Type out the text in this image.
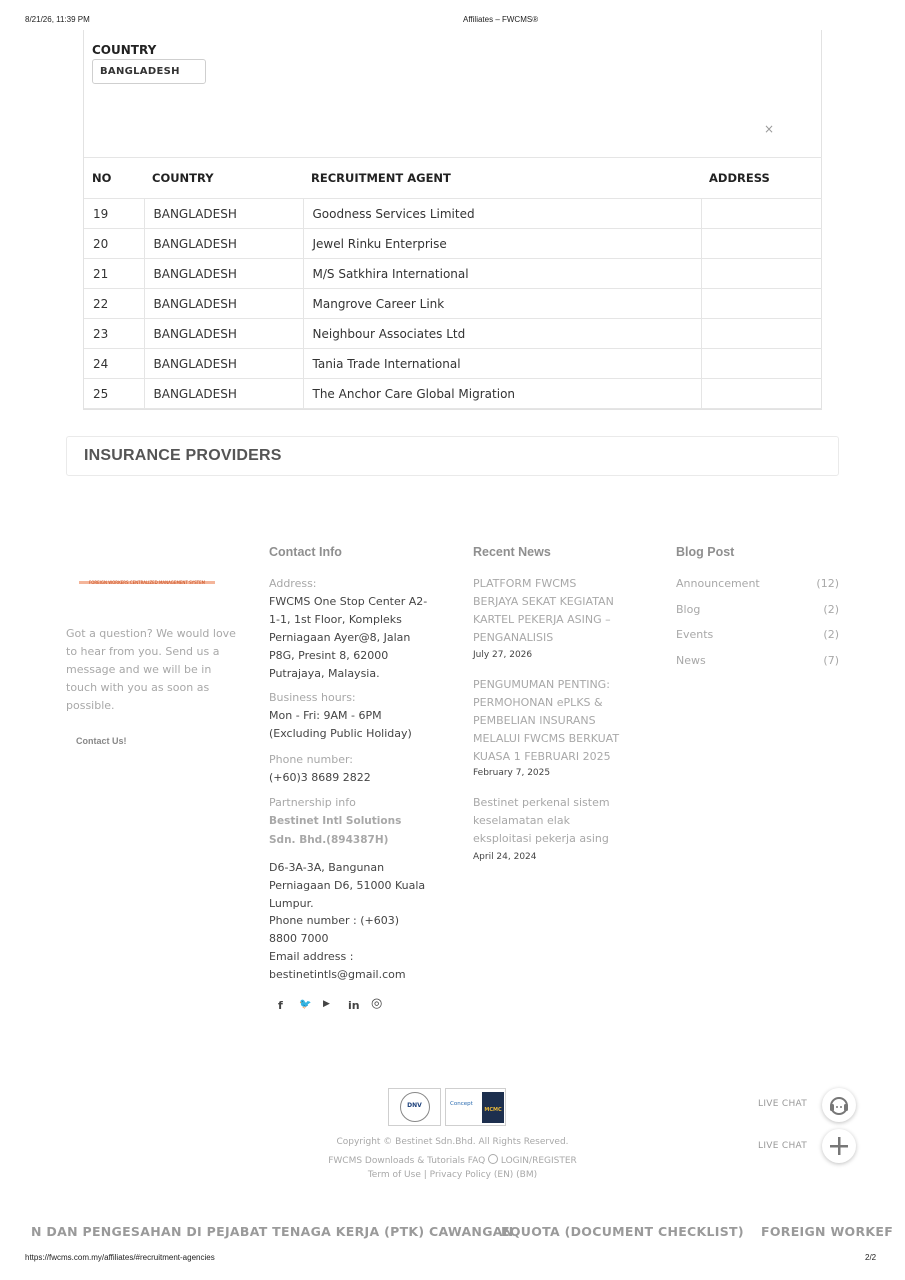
8/21/26, 11:39 PM	Affiliates – FWCMS®
COUNTRY
BANGLADESH
×
NO	COUNTRY	RECRUITMENT AGENT	ADDRESS
19	BANGLADESH	Goodness Services Limited	
20	BANGLADESH	Jewel Rinku Enterprise	
21	BANGLADESH	M/S Satkhira International	
22	BANGLADESH	Mangrove Career Link	
23	BANGLADESH	Neighbour Associates Ltd	
24	BANGLADESH	Tania Trade International	
25	BANGLADESH	The Anchor Care Global Migration	
INSURANCE PROVIDERS
FOREIGN WORKERS CENTRALIZED MANAGEMENT SYSTEM
Got a question? We would love to hear from you. Send us a message and we will be in touch with you as soon as possible.
Contact Us!
Contact Info
Address:
FWCMS One Stop Center A2-1-1, 1st Floor, Kompleks Perniagaan Ayer@8, Jalan P8G, Presint 8, 62000 Putrajaya, Malaysia.
Business hours:
Mon - Fri: 9AM - 6PM (Excluding Public Holiday)
Phone number:
(+60)3 8689 2822
Partnership info
Bestinet Intl Solutions Sdn. Bhd.(894387H)
D6-3A-3A, Bangunan Perniagaan D6, 51000 Kuala Lumpur.
Phone number : (+603) 8800 7000
Email address :
bestinetintls@gmail.com
f 🐦 ▶ in ◎
Recent News
PLATFORM FWCMS BERJAYA SEKAT KEGIATAN KARTEL PEKERJA ASING – PENGANALISIS
July 27, 2026
PENGUMUMAN PENTING: PERMOHONAN ePLKS & PEMBELIAN INSURANS MELALUI FWCMS BERKUAT KUASA 1 FEBRUARI 2025
February 7, 2025
Bestinet perkenal sistem keselamatan elak eksploitasi pekerja asing
April 24, 2024
Blog Post
Announcement	(12)
Blog	(2)
Events	(2)
News	(7)
DNV	Concept
MCMC
LIVE CHAT
LIVE CHAT
Copyright © Bestinet Sdn.Bhd. All Rights Reserved.
FWCMS Downloads & Tutorials FAQ LOGIN/REGISTER
Term of Use | Privacy Policy (EN) (BM)
N DAN PENGESAHAN DI PEJABAT TENAGA KERJA (PTK) CAWANGAN
EQUOTA (DOCUMENT CHECKLIST) FOREIGN WORKEF
https://fwcms.com.my/affiliates/#recruitment-agencies	2/2
